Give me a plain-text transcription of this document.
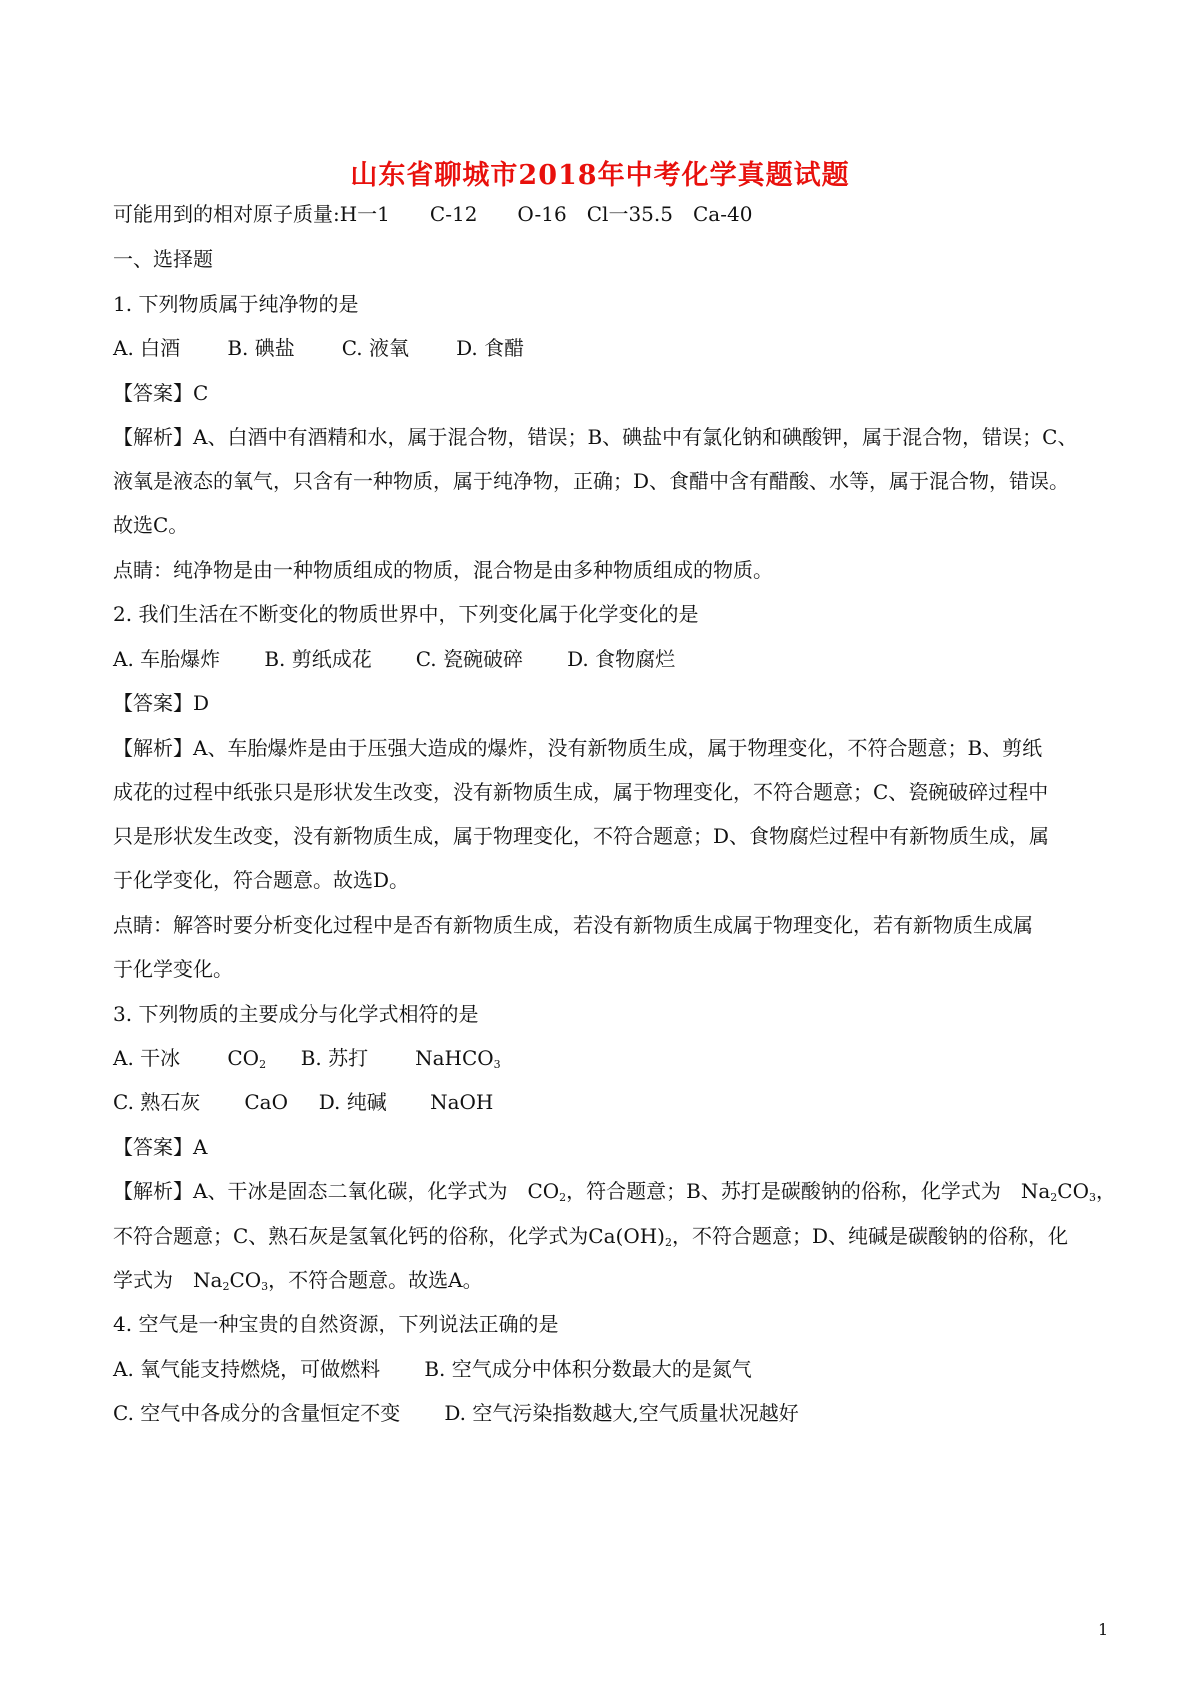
山东省聊城市2018年中考化学真题试题
可能用到的相对原子质量:H一1　　C-12　　O-16　Cl一35.5　Ca-40
一、选择题
1. 下列物质属于纯净物的是
A. 白酒 B. 碘盐 C. 液氧 D. 食醋
【答案】C
【解析】A、白酒中有酒精和水，属于混合物，错误；B、碘盐中有氯化钠和碘酸钾，属于混合物，错误；C、
液氧是液态的氧气，只含有一种物质，属于纯净物，正确；D、食醋中含有醋酸、水等，属于混合物，错误。
故选C。
点睛：纯净物是由一种物质组成的物质，混合物是由多种物质组成的物质。
2. 我们生活在不断变化的物质世界中，下列变化属于化学变化的是
A. 车胎爆炸 B. 剪纸成花 C. 瓷碗破碎 D. 食物腐烂
【答案】D
【解析】A、车胎爆炸是由于压强大造成的爆炸，没有新物质生成，属于物理变化，不符合题意；B、剪纸
成花的过程中纸张只是形状发生改变，没有新物质生成，属于物理变化，不符合题意；C、瓷碗破碎过程中
只是形状发生改变，没有新物质生成，属于物理变化，不符合题意；D、食物腐烂过程中有新物质生成，属
于化学变化，符合题意。故选D。
点睛：解答时要分析变化过程中是否有新物质生成，若没有新物质生成属于物理变化，若有新物质生成属
于化学变化。
3. 下列物质的主要成分与化学式相符的是
A. 干冰 $CO_2$ B. 苏打 NaHCO$_3$
C. 熟石灰 CaO D. 纯碱 NaOH
【答案】A
【解析】A、干冰是固态二氧化碳，化学式为　$CO_2$，符合题意；B、苏打是碳酸钠的俗称，化学式为　$Na_2CO_3$，
不符合题意；C、熟石灰是氢氧化钙的俗称，化学式为$Ca(OH)_2$，不符合题意；D、纯碱是碳酸钠的俗称，化
学式为　$Na_2CO_3$，不符合题意。故选A。
4. 空气是一种宝贵的自然资源，下列说法正确的是
A. 氧气能支持燃烧，可做燃料 B. 空气成分中体积分数最大的是氮气
C. 空气中各成分的含量恒定不变 D. 空气污染指数越大,空气质量状况越好
1
